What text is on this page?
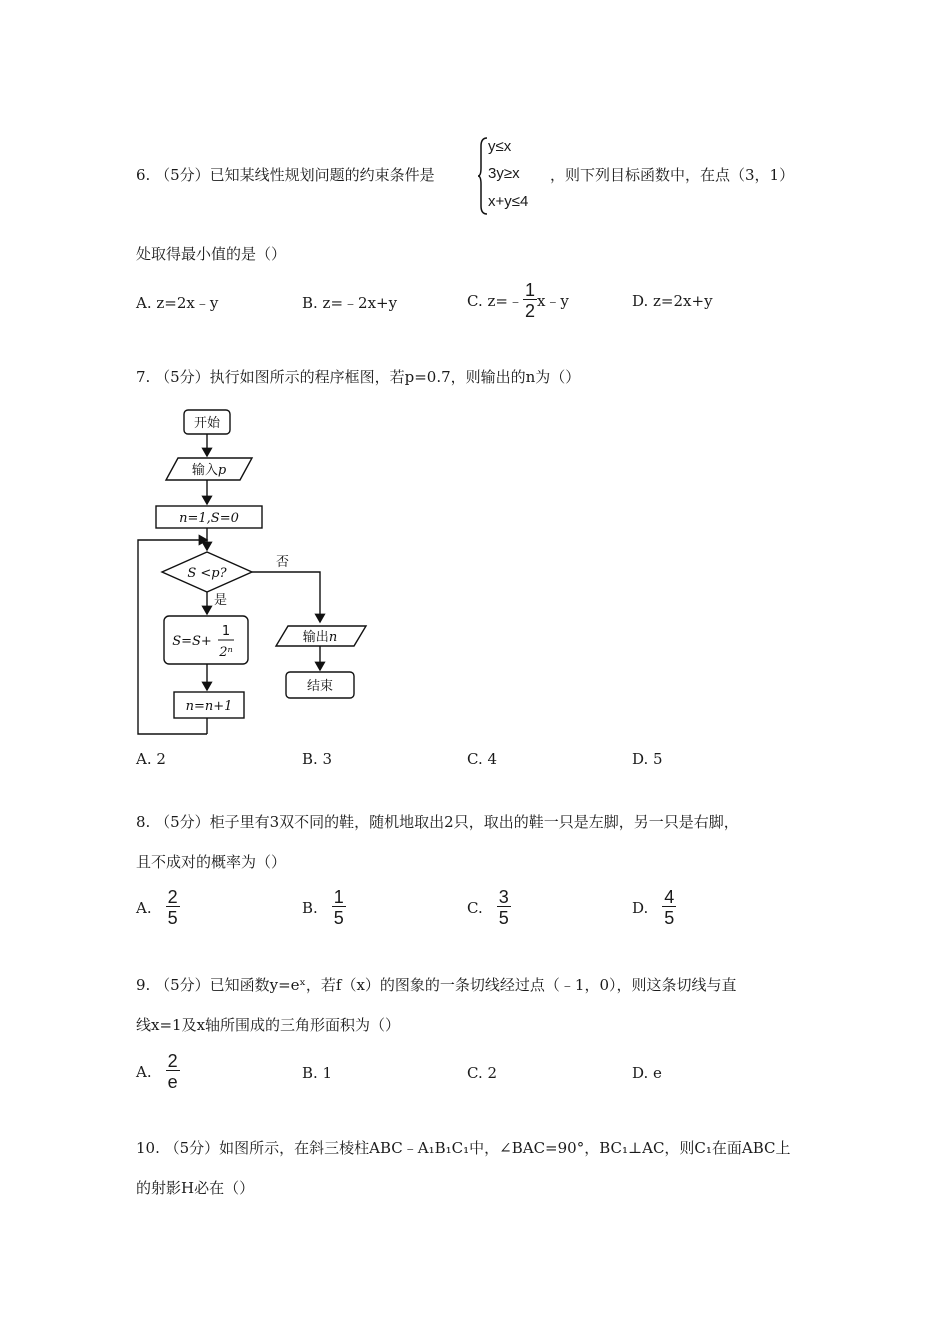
6. （5分）已知某线性规划问题的约束条件是
y≤x
3y≥x
x+y≤4
，则下列目标函数中，在点（3，1）
处取得最小值的是（）
A. z=2x﹣y	B. z=﹣2x+y	C. z=﹣ $\frac{1}{2}$ x﹣y	D. z=2x+y
7. （5分）执行如图所示的程序框图，若p=0.7，则输出的n为（）
开始
输入p
n=1,S=0
S <p?
否
是
S=S+
1
2ⁿ
n=n+1
输出n
结束
A. 2	B. 3	C. 4	D. 5
8. （5分）柜子里有3双不同的鞋，随机地取出2只，取出的鞋一只是左脚，另一只是右脚，
且不成对的概率为（）
A. $\frac{2}{5}$	B. $\frac{1}{5}$	C. $\frac{3}{5}$	D. $\frac{4}{5}$
9. （5分）已知函数y=eˣ，若f（x）的图象的一条切线经过点（﹣1，0），则这条切线与直
线x=1及x轴所围成的三角形面积为（）
A. $\frac{2}{e}$	B. 1	C. 2	D. e
10. （5分）如图所示，在斜三棱柱ABC﹣A₁B₁C₁中，∠BAC=90°，BC₁⊥AC，则C₁在面ABC上
的射影H必在（）
